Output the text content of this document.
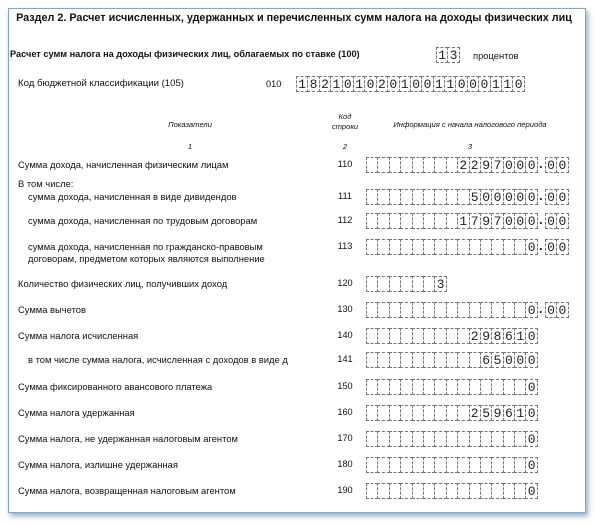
Раздел 2. Расчет исчисленных, удержанных и перечисленных сумм налога на доходы физических лиц
Расчет сумм налога на доходы физических лиц, облагаемых по ставке (100)	1 3 процентов
Код бюджетной классификации (105)	010 1 8 2 1 0 1 0 2 0 1 0 0 1 1 0 0 0 1 1 0
Показатели
Код строки	Информация с начала налогового периода
1	2	3
Сумма дохода, начисленная физическим лицам	110	2 2 9 7 0 0 0 . 0 0
В том числе:
сумма дохода, начисленная в виде дивидендов	111	5 0 0 0 0 0 . 0 0
сумма дохода, начисленная по трудовым договорам	112	1 7 9 7 0 0 0 . 0 0
сумма дохода, начисленная по гражданско-правовым
договорам, предметом которых являются выполнение
113	0 . 0 0
Количество физических лиц, получивших доход	120	3
Сумма вычетов	130	0 . 0 0
Сумма налога исчисленная	140	2 9 8 6 1 0
в том числе сумма налога, исчисленная с доходов в виде д	141	6 5 0 0 0
Сумма фиксированного авансового платежа	150	0
Сумма налога удержанная	160	2 5 9 6 1 0
Сумма налога, не удержанная налоговым агентом	170	0
Сумма налога, излишне удержанная	180	0
Сумма налога, возвращенная налоговым агентом	190	0
